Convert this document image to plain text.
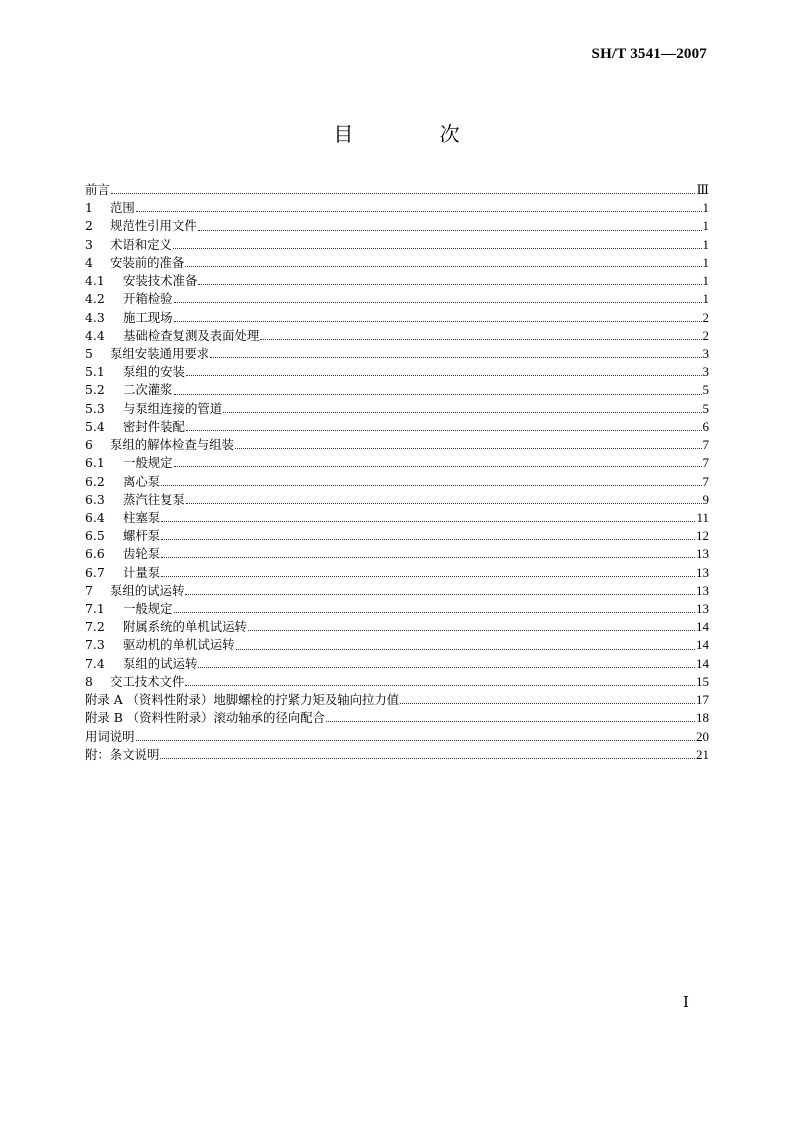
SH/T 3541—2007
目 次
前言	Ⅲ
1	范围	1
2	规范性引用文件	1
3	术语和定义	1
4	安装前的准备	1
4.1	安装技术准备	1
4.2	开箱检验	1
4.3	施工现场	2
4.4	基础检查复测及表面处理	2
5	泵组安装通用要求	3
5.1	泵组的安装	3
5.2	二次灌浆	5
5.3	与泵组连接的管道	5
5.4	密封件装配	6
6	泵组的解体检查与组装	7
6.1	一般规定	7
6.2	离心泵	7
6.3	蒸汽往复泵	9
6.4	柱塞泵	11
6.5	螺杆泵	12
6.6	齿轮泵	13
6.7	计量泵	13
7	泵组的试运转	13
7.1	一般规定	13
7.2	附属系统的单机试运转	14
7.3	驱动机的单机试运转	14
7.4	泵组的试运转	14
8	交工技术文件	15
附录 A （资料性附录）地脚螺栓的拧紧力矩及轴向拉力值	17
附录 B （资料性附录）滚动轴承的径向配合	18
用词说明	20
附：条文说明	21
Ⅰ
